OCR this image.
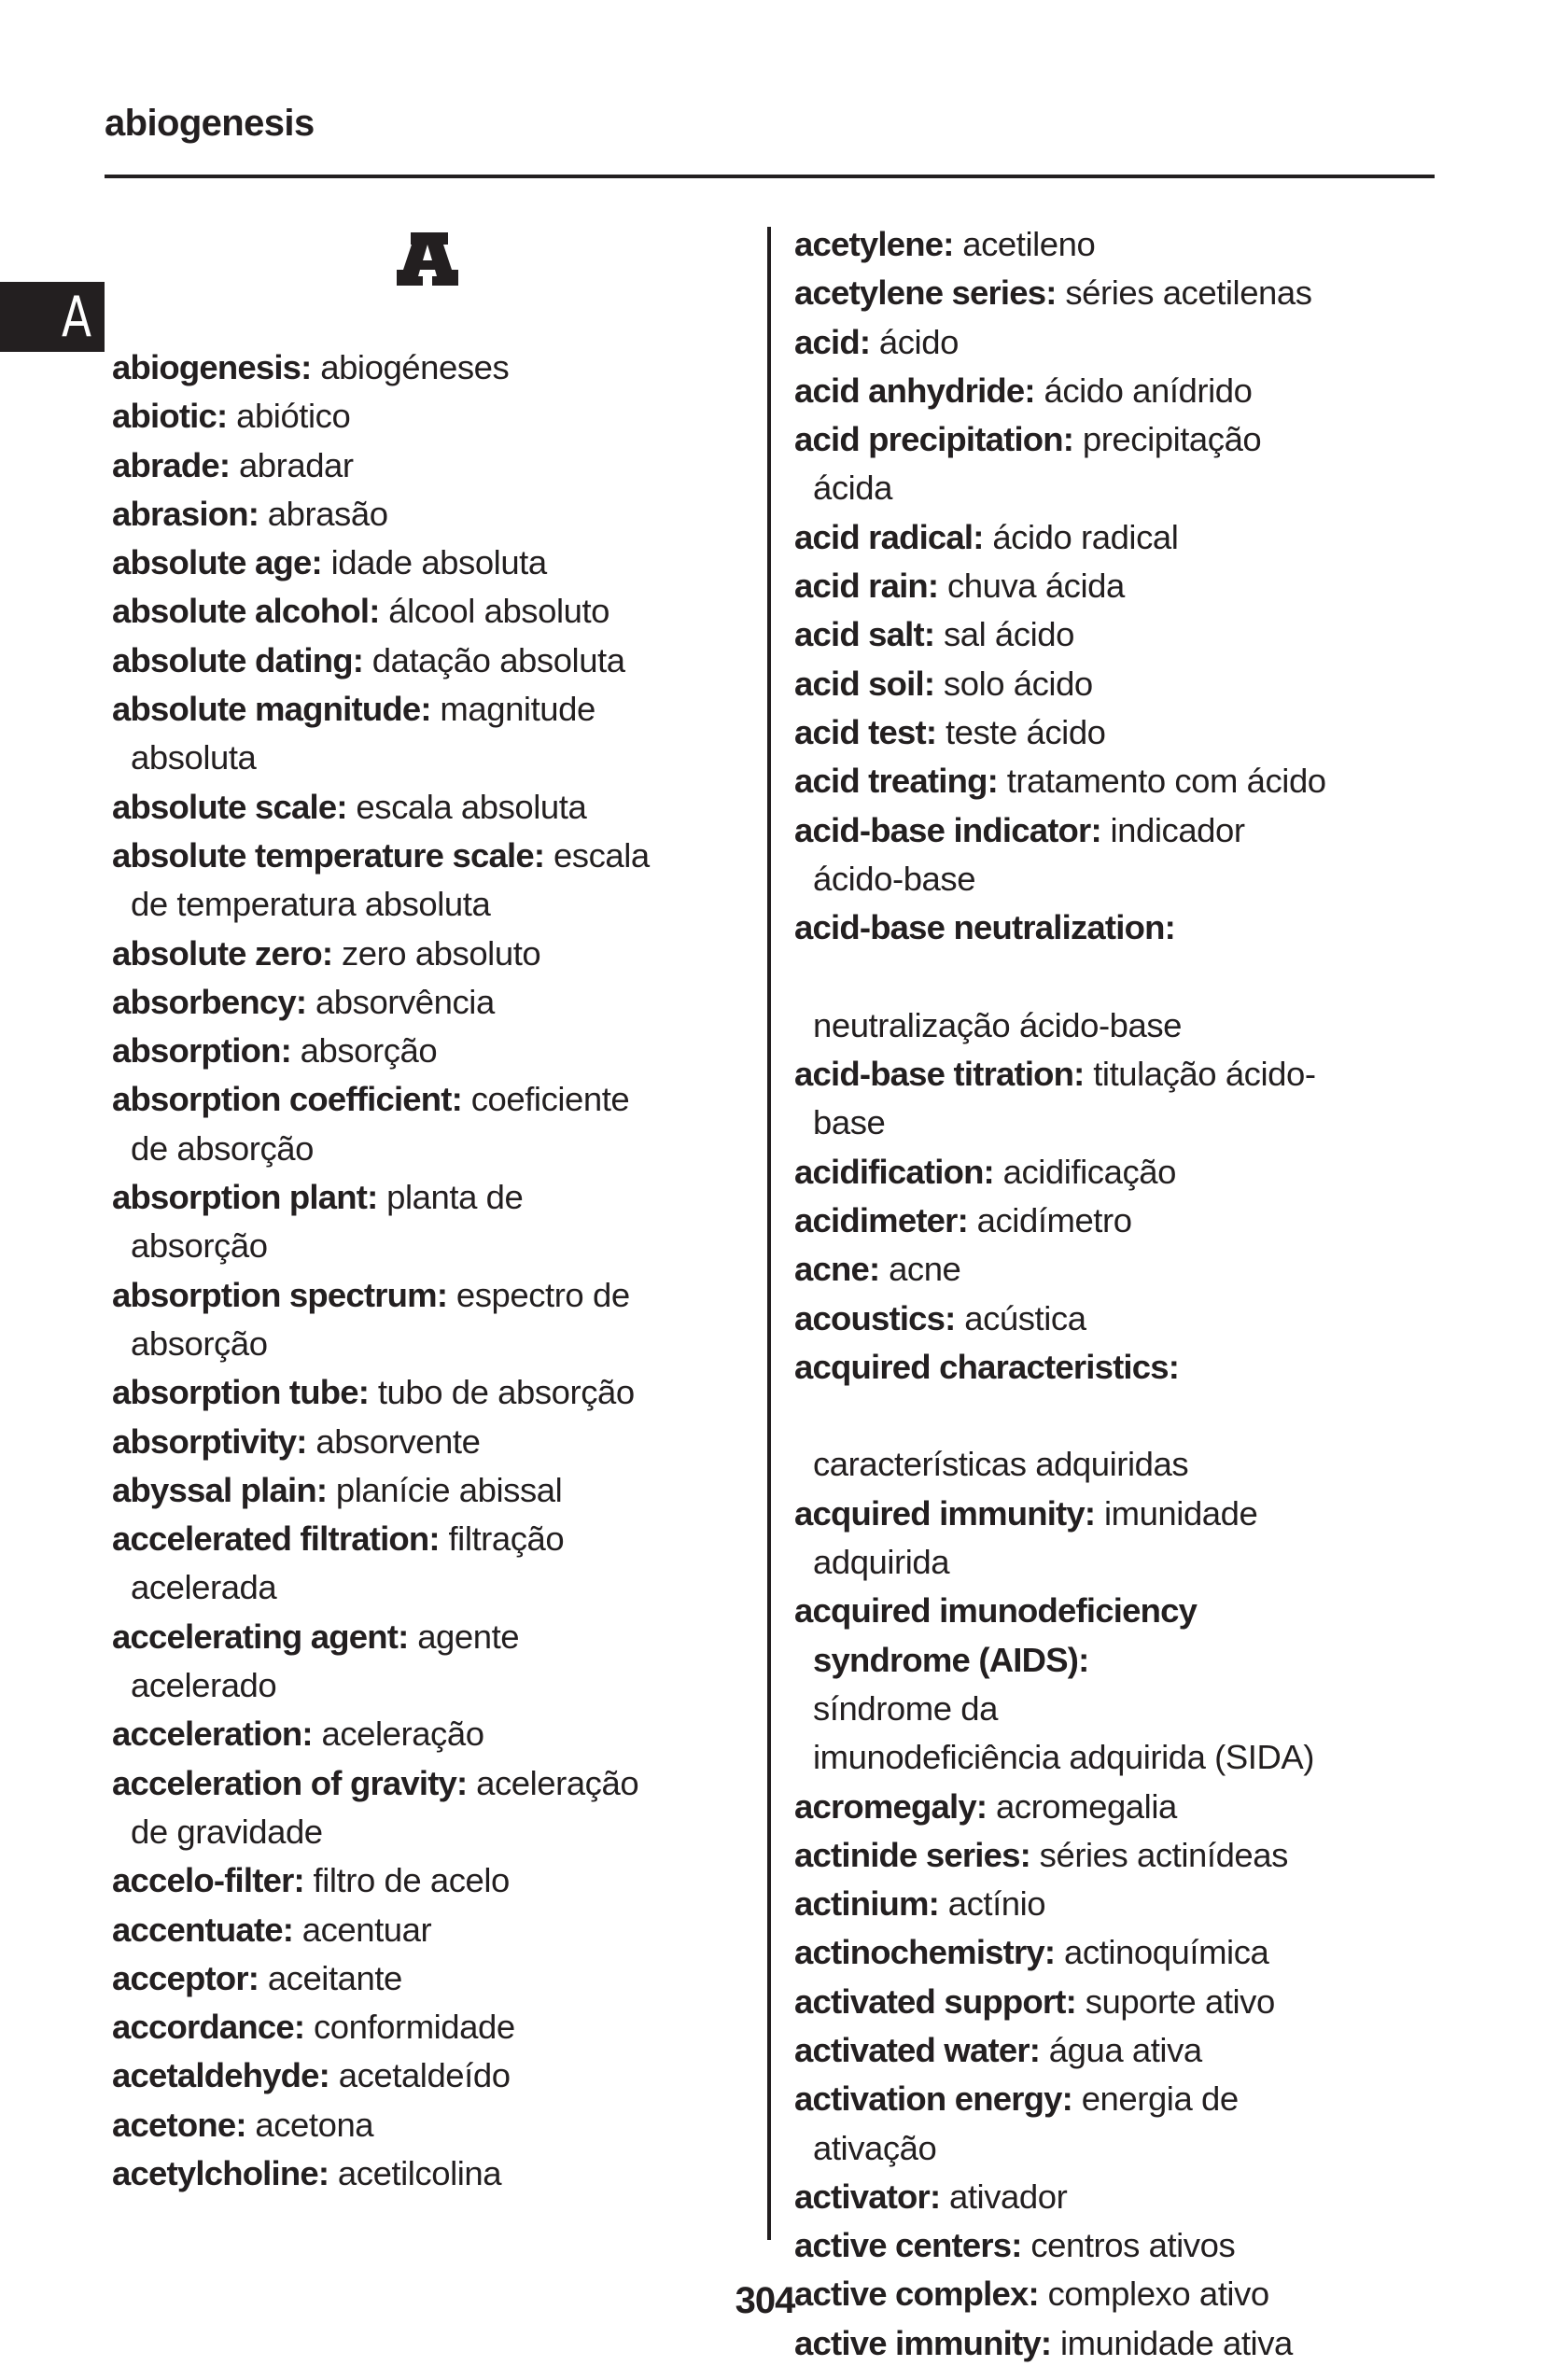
abiogenesis
A

abiogenesis: abiogéneses

abiotic: abiótico

abrade: abradar

abrasion: abrasão

absolute age: idade absoluta

absolute alcohol: álcool absoluto

absolute dating: datação absoluta

absolute magnitude: magnitude
absoluta

absolute scale: escala absoluta

absolute temperature scale: escala
de temperatura absoluta

absolute zero: zero absoluto

absorbency: absorvência

absorption: absorção

absorption coefficient: coeficiente
de absorção

absorption plant: planta de
absorção

absorption spectrum: espectro de
absorção

absorption tube: tubo de absorção

absorptivity: absorvente

abyssal plain: planície abissal

accelerated filtration: filtração
acelerada

accelerating agent: agente
acelerado

acceleration: aceleração

acceleration of gravity: aceleração
de gravidade

accelo-filter: filtro de acelo

accentuate: acentuar

acceptor: aceitante

accordance: conformidade

acetaldehyde: acetaldeído

acetone: acetona

acetylcholine: acetilcolina

acetylene: acetileno

acetylene series: séries acetilenas

acid: ácido

acid anhydride: ácido anídrido

acid precipitation: precipitação
ácida

acid radical: ácido radical

acid rain: chuva ácida

acid salt: sal ácido

acid soil: solo ácido

acid test: teste ácido

acid treating: tratamento com ácido

acid-base indicator: indicador
ácido-base

acid-base neutralization:

neutralização ácido-base

acid-base titration: titulação ácido-
base

acidification: acidificação

acidimeter: acidímetro

acne: acne

acoustics: acústica

acquired characteristics:

características adquiridas

acquired immunity: imunidade
adquirida

acquired imunodeficiency
syndrome (AIDS):
síndrome da
imunodeficiência adquirida (SIDA)

acromegaly: acromegalia

actinide series: séries actinídeas

actinium: actínio

actinochemistry: actinoquímica

activated support: suporte ativo

activated water: água ativa

activation energy: energia de
ativação

activator: ativador

active centers: centros ativos

active complex: complexo ativo

active immunity: imunidade ativa

304
